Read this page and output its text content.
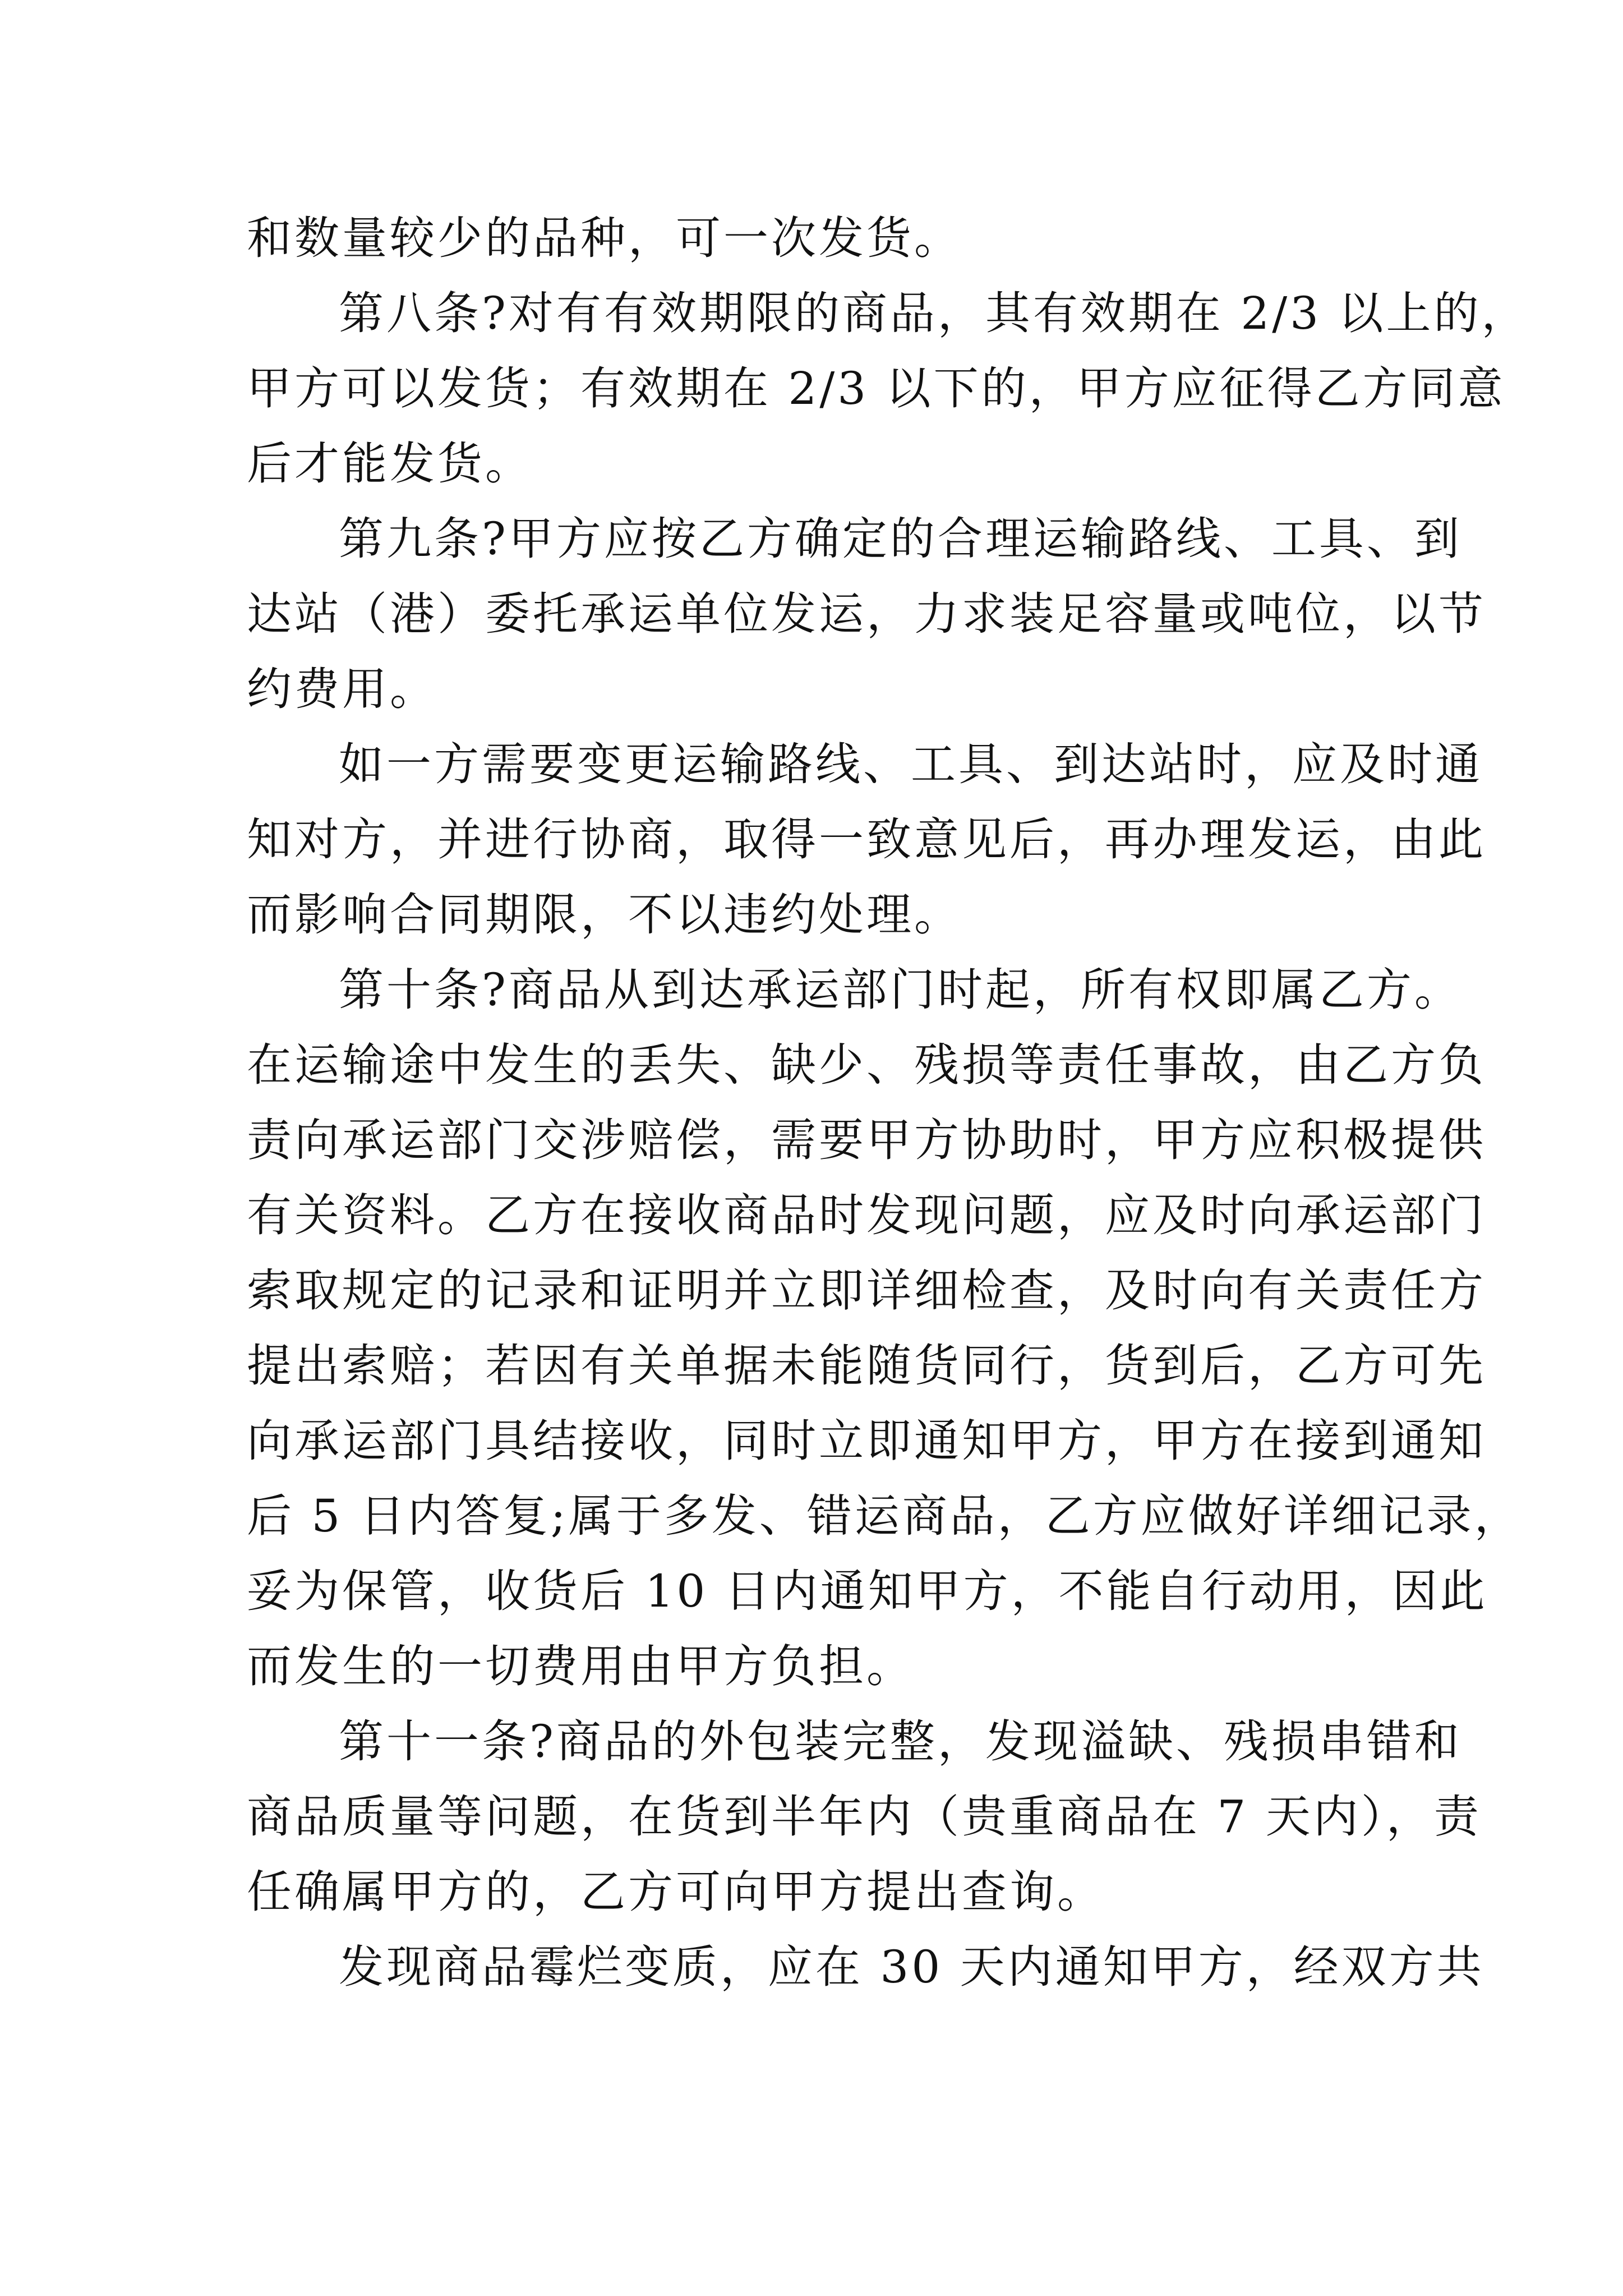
和数量较少的品种，可一次发货。
第八条?对有有效期限的商品，其有效期在 2/3 以上的，
甲方可以发货；有效期在 2/3 以下的，甲方应征得乙方同意
后才能发货。
第九条?甲方应按乙方确定的合理运输路线、工具、到
达站（港）委托承运单位发运，力求装足容量或吨位，以节
约费用。
如一方需要变更运输路线、工具、到达站时，应及时通
知对方，并进行协商，取得一致意见后，再办理发运，由此
而影响合同期限，不以违约处理。
第十条?商品从到达承运部门时起，所有权即属乙方。
在运输途中发生的丢失、缺少、残损等责任事故，由乙方负
责向承运部门交涉赔偿，需要甲方协助时，甲方应积极提供
有关资料。乙方在接收商品时发现问题，应及时向承运部门
索取规定的记录和证明并立即详细检查，及时向有关责任方
提出索赔；若因有关单据未能随货同行，货到后，乙方可先
向承运部门具结接收，同时立即通知甲方，甲方在接到通知
后 5 日内答复;属于多发、错运商品，乙方应做好详细记录，
妥为保管，收货后 10 日内通知甲方，不能自行动用，因此
而发生的一切费用由甲方负担。
第十一条?商品的外包装完整，发现溢缺、残损串错和
商品质量等问题，在货到半年内（贵重商品在 7 天内），责
任确属甲方的，乙方可向甲方提出查询。
发现商品霉烂变质，应在 30 天内通知甲方，经双方共
